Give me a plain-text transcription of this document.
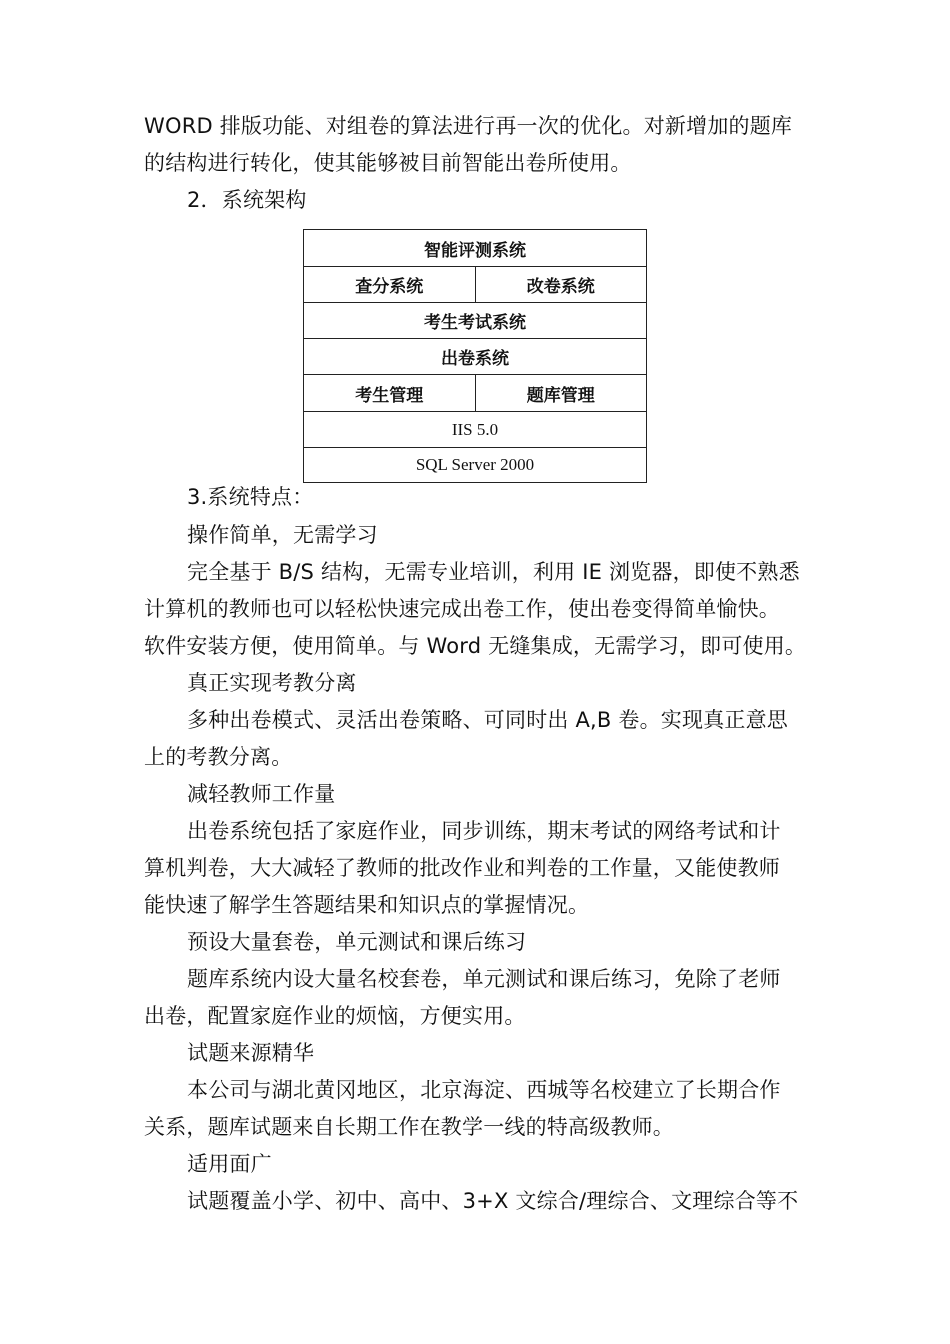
WORD 排版功能、对组卷的算法进行再一次的优化。对新增加的题库
的结构进行转化，使其能够被目前智能出卷所使用。
2．系统架构
智能评测系统
查分系统	改卷系统
考生考试系统
出卷系统
考生管理	题库管理
IIS 5.0
SQL Server 2000
3.系统特点：
操作简单，无需学习
完全基于 B/S 结构，无需专业培训，利用 IE 浏览器，即使不熟悉
计算机的教师也可以轻松快速完成出卷工作，使出卷变得简单愉快。
软件安装方便，使用简单。与 Word 无缝集成，无需学习，即可使用。
真正实现考教分离
多种出卷模式、灵活出卷策略、可同时出 A,B 卷。实现真正意思
上的考教分离。
减轻教师工作量
出卷系统包括了家庭作业，同步训练，期末考试的网络考试和计
算机判卷，大大减轻了教师的批改作业和判卷的工作量，又能使教师
能快速了解学生答题结果和知识点的掌握情况。
预设大量套卷，单元测试和课后练习
题库系统内设大量名校套卷，单元测试和课后练习，免除了老师
出卷，配置家庭作业的烦恼，方便实用。
试题来源精华
本公司与湖北黄冈地区，北京海淀、西城等名校建立了长期合作
关系，题库试题来自长期工作在教学一线的特高级教师。
适用面广
试题覆盖小学、初中、高中、3+X 文综合/理综合、文理综合等不
